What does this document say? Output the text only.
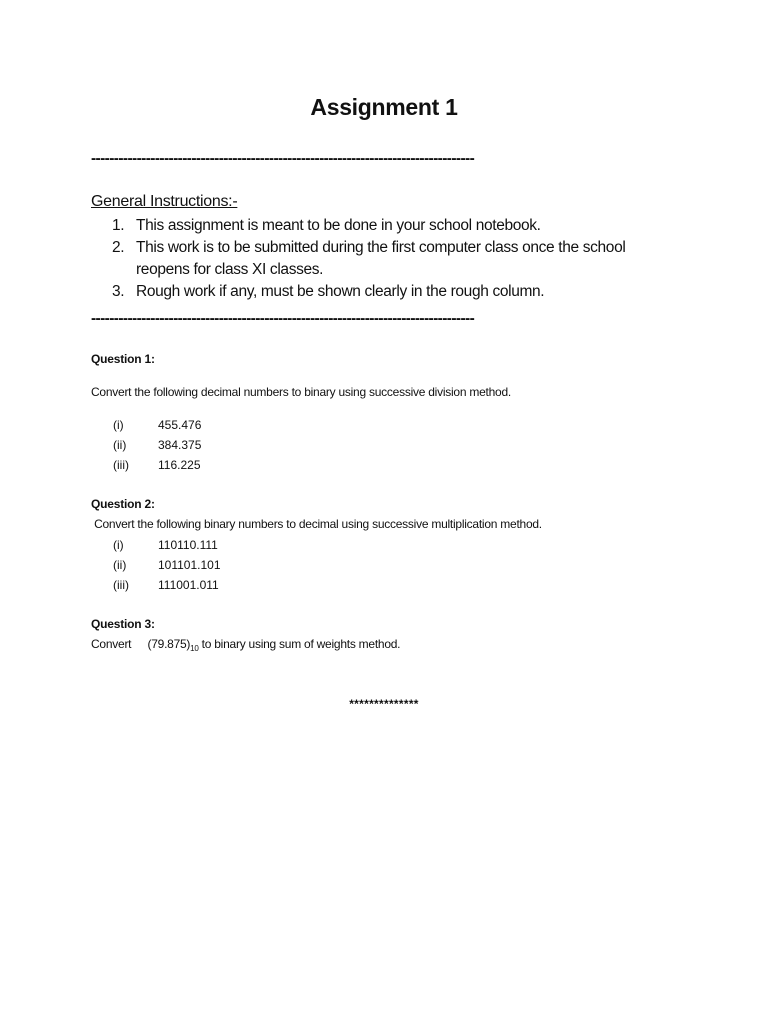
Assignment 1
------------------------------------------------------------------------------------
General Instructions:-
1. This assignment is meant to be done in your school notebook.
2. This work is to be submitted during the first computer class once the school reopens for class XI classes.
3. Rough work if any, must be shown clearly in the rough column.
------------------------------------------------------------------------------------
Question 1:
Convert the following decimal numbers to binary using successive division method.
(i)	455.476
(ii)	384.375
(iii) 116.225
Question 2:
Convert the following binary numbers to decimal using successive multiplication method.
(i)	110110.111
(ii)	101101.101
(iii) 111001.011
Question 3:
Convert $(79.875)_{10}$ to binary using sum of weights method.
**************
